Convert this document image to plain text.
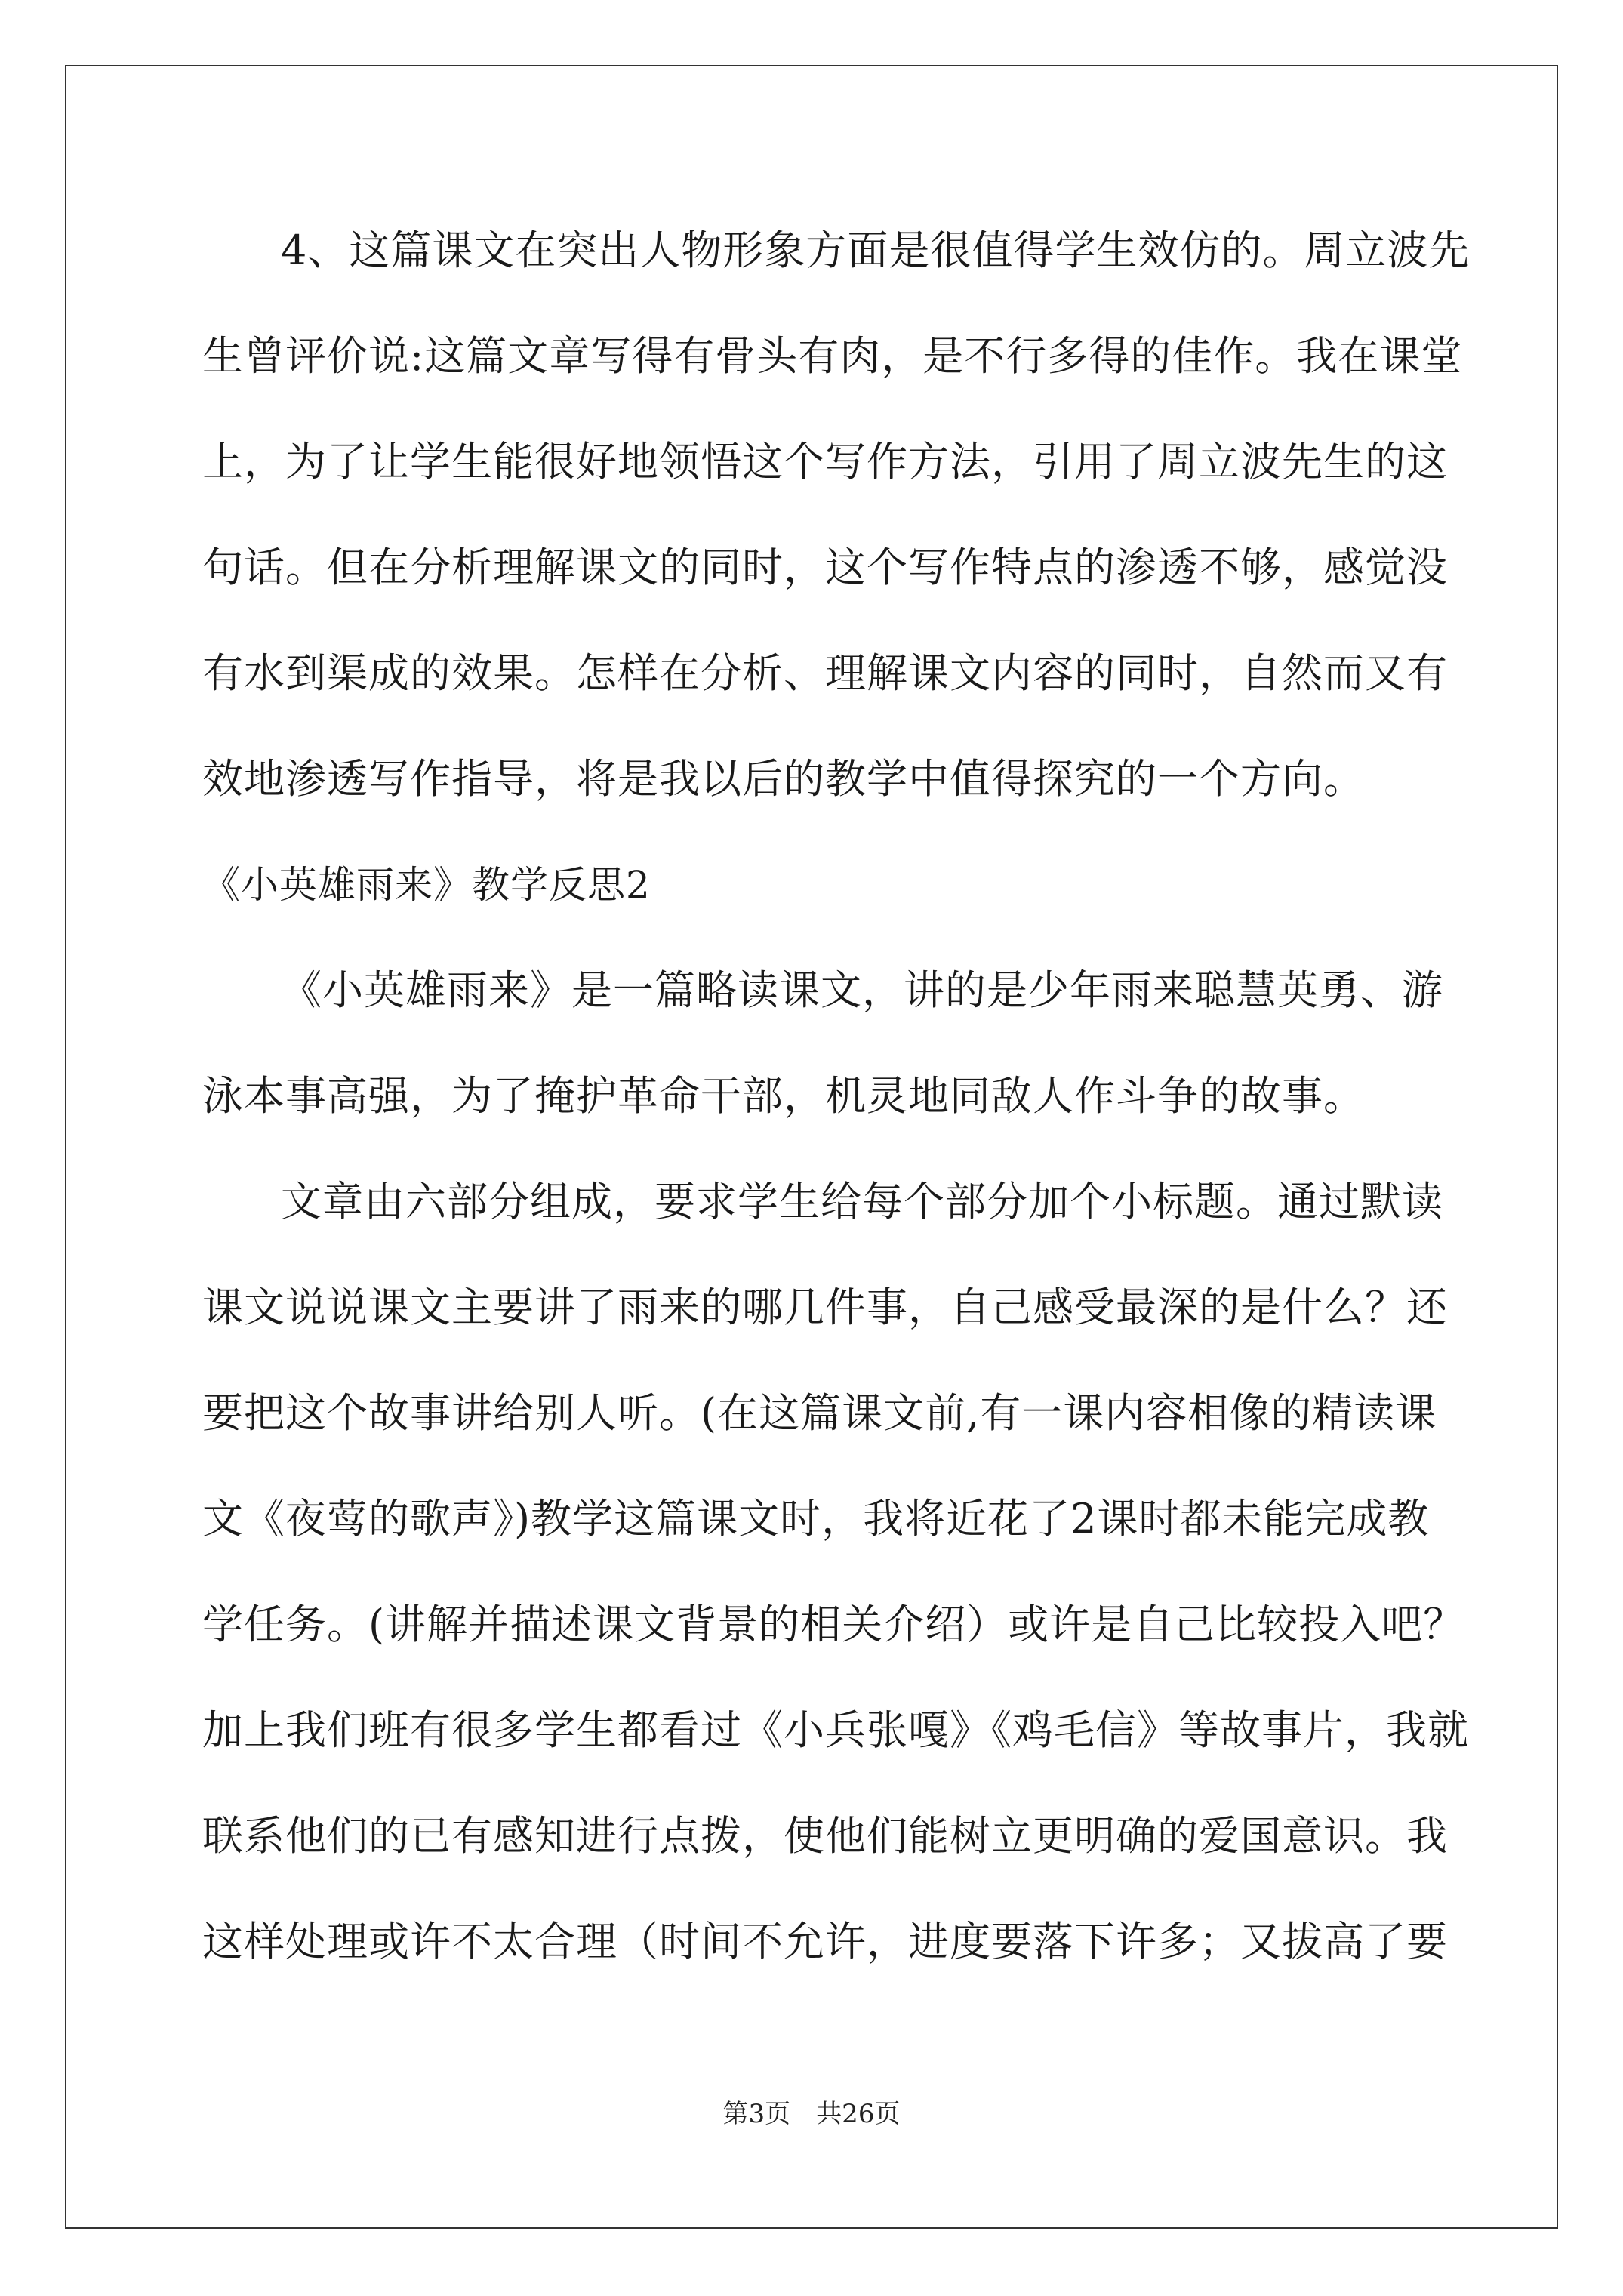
4、这篇课文在突出人物形象方面是很值得学生效仿的。周立波先
生曾评价说:这篇文章写得有骨头有肉，是不行多得的佳作。我在课堂
上，为了让学生能很好地领悟这个写作方法，引用了周立波先生的这
句话。但在分析理解课文的同时，这个写作特点的渗透不够，感觉没
有水到渠成的效果。怎样在分析、理解课文内容的同时，自然而又有
效地渗透写作指导，将是我以后的教学中值得探究的一个方向。
《小英雄雨来》教学反思2
《小英雄雨来》是一篇略读课文，讲的是少年雨来聪慧英勇、游
泳本事高强，为了掩护革命干部，机灵地同敌人作斗争的故事。
文章由六部分组成，要求学生给每个部分加个小标题。通过默读
课文说说课文主要讲了雨来的哪几件事，自己感受最深的是什么？还
要把这个故事讲给别人听。(在这篇课文前,有一课内容相像的精读课
文《夜莺的歌声》)教学这篇课文时，我将近花了2课时都未能完成教
学任务。(讲解并描述课文背景的相关介绍）或许是自己比较投入吧？
加上我们班有很多学生都看过《小兵张嘎》《鸡毛信》等故事片，我就
联系他们的已有感知进行点拨，使他们能树立更明确的爱国意识。我
这样处理或许不太合理（时间不允许，进度要落下许多；又拔高了要
第3页 共26页
